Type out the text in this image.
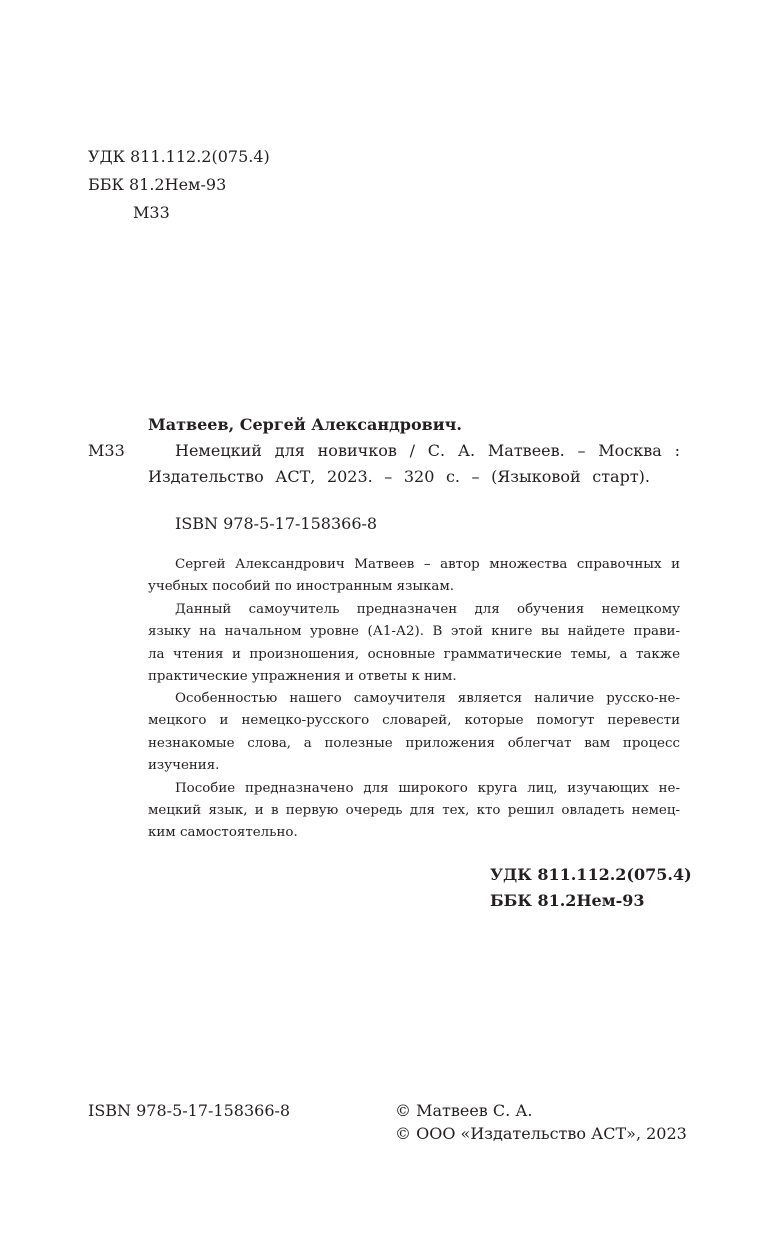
УДК 811.112.2(075.4)
ББК 81.2Нем-93
М33
Матвеев, Сергей Александрович.
М33	Немецкий для новичков / С. А. Матвеев. – Москва :
Издательство АСТ, 2023. – 320 с. – (Языковой старт).
ISBN 978-5-17-158366-8
Сергей Александрович Матвеев – автор множества справочных и
учебных пособий по иностранным языкам.
Данный самоучитель предназначен для обучения немецкому
языку на начальном уровне (А1-А2). В этой книге вы найдете прави-
ла чтения и произношения, основные грамматические темы, а также
практические упражнения и ответы к ним.
Особенностью нашего самоучителя является наличие русско-не-
мецкого и немецко-русского словарей, которые помогут перевести
незнакомые слова, а полезные приложения облегчат вам процесс
изучения.
Пособие предназначено для широкого круга лиц, изучающих не-
мецкий язык, и в первую очередь для тех, кто решил овладеть немец-
ким самостоятельно.
УДК 811.112.2(075.4)
ББК 81.2Нем-93
ISBN 978-5-17-158366-8	© Матвеев С. А.
© ООО «Издательство АСТ», 2023
